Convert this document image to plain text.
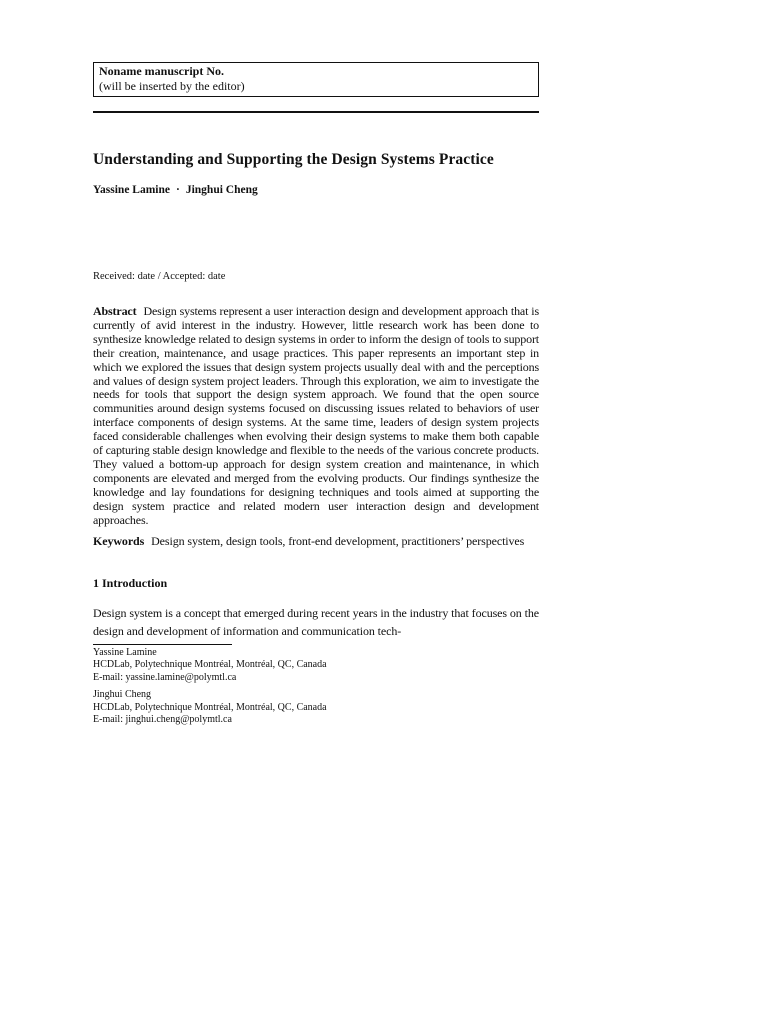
Noname manuscript No.
(will be inserted by the editor)
Understanding and Supporting the Design Systems Practice
Yassine Lamine · Jinghui Cheng
Received: date / Accepted: date
Abstract Design systems represent a user interaction design and development approach that is currently of avid interest in the industry. However, little research work has been done to synthesize knowledge related to design systems in order to inform the design of tools to support their creation, maintenance, and usage practices. This paper represents an important step in which we explored the issues that design system projects usually deal with and the perceptions and values of design system project leaders. Through this exploration, we aim to investigate the needs for tools that support the design system approach. We found that the open source communities around design systems focused on discussing issues related to behaviors of user interface components of design systems. At the same time, leaders of design system projects faced considerable challenges when evolving their design systems to make them both capable of capturing stable design knowledge and flexible to the needs of the various concrete products. They valued a bottom-up approach for design system creation and maintenance, in which components are elevated and merged from the evolving products. Our findings synthesize the knowledge and lay foundations for designing techniques and tools aimed at supporting the design system practice and related modern user interaction design and development approaches.
Keywords Design system, design tools, front-end development, practitioners’ perspectives
1 Introduction
Design system is a concept that emerged during recent years in the industry that focuses on the design and development of information and communication tech-
Yassine Lamine
HCDLab, Polytechnique Montréal, Montréal, QC, Canada
E-mail: yassine.lamine@polymtl.ca
Jinghui Cheng
HCDLab, Polytechnique Montréal, Montréal, QC, Canada
E-mail: jinghui.cheng@polymtl.ca
